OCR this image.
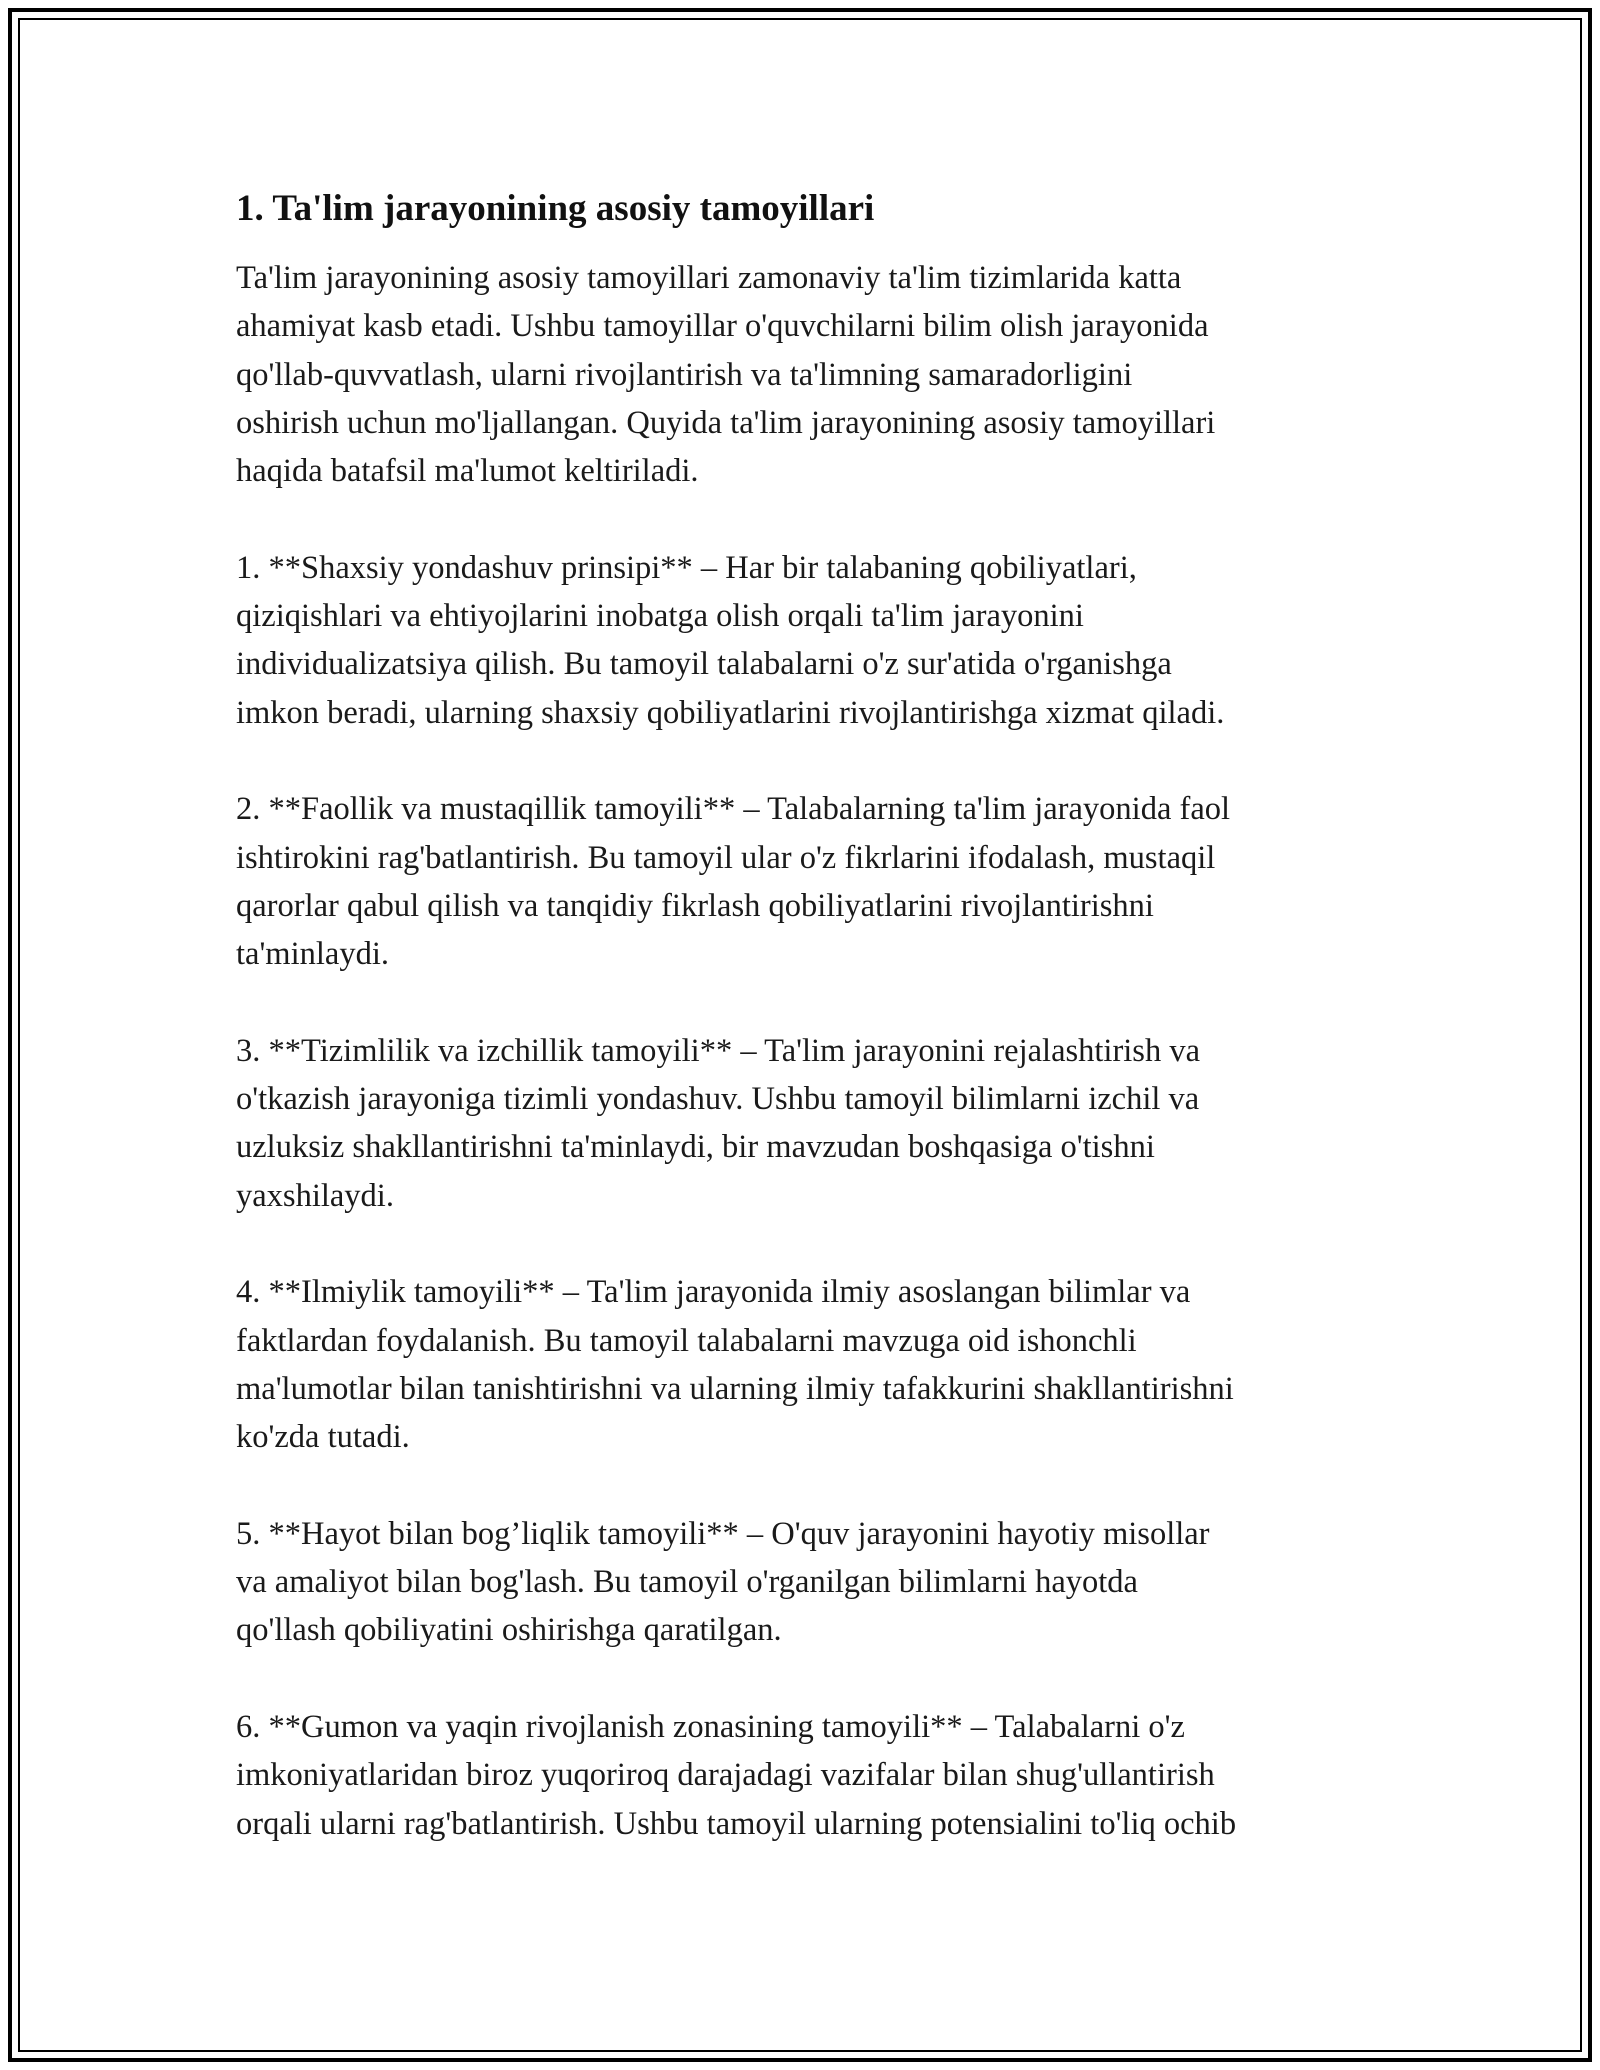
1. Ta'lim jarayonining asosiy tamoyillari

Ta'lim jarayonining asosiy tamoyillari zamonaviy ta'lim tizimlarida katta
ahamiyat kasb etadi. Ushbu tamoyillar o'quvchilarni bilim olish jarayonida
qo'llab-quvvatlash, ularni rivojlantirish va ta'limning samaradorligini
oshirish uchun mo'ljallangan. Quyida ta'lim jarayonining asosiy tamoyillari
haqida batafsil ma'lumot keltiriladi.

1. **Shaxsiy yondashuv prinsipi** – Har bir talabaning qobiliyatlari,
qiziqishlari va ehtiyojlarini inobatga olish orqali ta'lim jarayonini
individualizatsiya qilish. Bu tamoyil talabalarni o'z sur'atida o'rganishga
imkon beradi, ularning shaxsiy qobiliyatlarini rivojlantirishga xizmat qiladi.

2. **Faollik va mustaqillik tamoyili** – Talabalarning ta'lim jarayonida faol
ishtirokini rag'batlantirish. Bu tamoyil ular o'z fikrlarini ifodalash, mustaqil
qarorlar qabul qilish va tanqidiy fikrlash qobiliyatlarini rivojlantirishni
ta'minlaydi.

3. **Tizimlilik va izchillik tamoyili** – Ta'lim jarayonini rejalashtirish va
o'tkazish jarayoniga tizimli yondashuv. Ushbu tamoyil bilimlarni izchil va
uzluksiz shakllantirishni ta'minlaydi, bir mavzudan boshqasiga o'tishni
yaxshilaydi.

4. **Ilmiylik tamoyili** – Ta'lim jarayonida ilmiy asoslangan bilimlar va
faktlardan foydalanish. Bu tamoyil talabalarni mavzuga oid ishonchli
ma'lumotlar bilan tanishtirishni va ularning ilmiy tafakkurini shakllantirishni
ko'zda tutadi.

5. **Hayot bilan bog’liqlik tamoyili** – O'quv jarayonini hayotiy misollar
va amaliyot bilan bog'lash. Bu tamoyil o'rganilgan bilimlarni hayotda
qo'llash qobiliyatini oshirishga qaratilgan.

6. **Gumon va yaqin rivojlanish zonasining tamoyili** – Talabalarni o'z
imkoniyatlaridan biroz yuqoriroq darajadagi vazifalar bilan shug'ullantirish
orqali ularni rag'batlantirish. Ushbu tamoyil ularning potensialini to'liq ochib
